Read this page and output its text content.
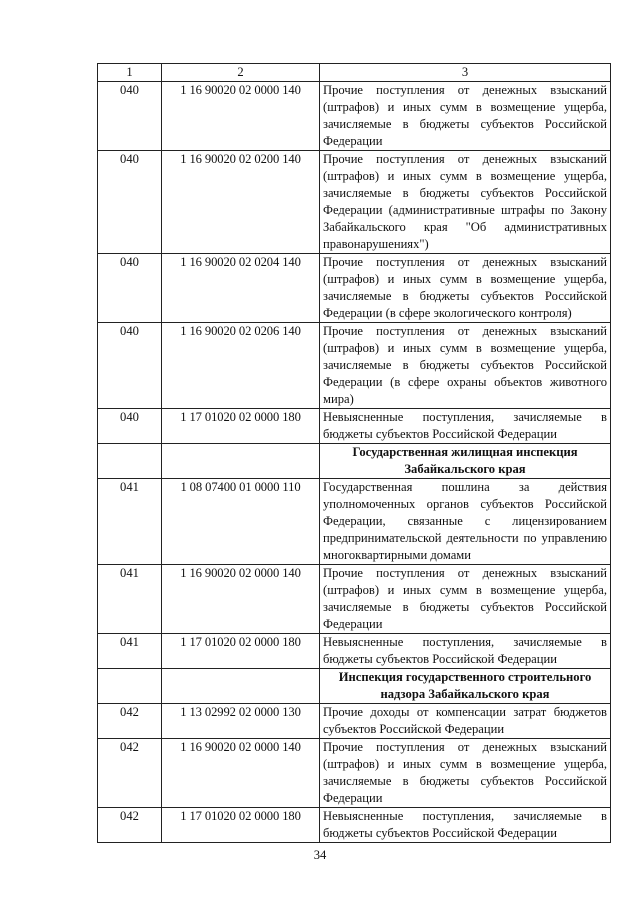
1	2	3
040	1 16 90020 02 0000 140	Прочие поступления от денежных взысканий (штрафов) и иных сумм в возмещение ущерба, зачисляемые в бюджеты субъектов Российской Федерации
040	1 16 90020 02 0200 140	Прочие поступления от денежных взысканий (штрафов) и иных сумм в возмещение ущерба, зачисляемые в бюджеты субъектов Российской Федерации (административные штрафы по Закону Забайкальского края "Об административных правонарушениях")
040	1 16 90020 02 0204 140	Прочие поступления от денежных взысканий (штрафов) и иных сумм в возмещение ущерба, зачисляемые в бюджеты субъектов Российской Федерации (в сфере экологического контроля)
040	1 16 90020 02 0206 140	Прочие поступления от денежных взысканий (штрафов) и иных сумм в возмещение ущерба, зачисляемые в бюджеты субъектов Российской Федерации (в сфере охраны объектов животного мира)
040	1 17 01020 02 0000 180	Невыясненные поступления, зачисляемые в бюджеты субъектов Российской Федерации
		Государственная жилищная инспекция Забайкальского края
041	1 08 07400 01 0000 110	Государственная пошлина за действия уполномоченных органов субъектов Российской Федерации, связанные с лицензированием предпринимательской деятельности по управлению многоквартирными домами
041	1 16 90020 02 0000 140	Прочие поступления от денежных взысканий (штрафов) и иных сумм в возмещение ущерба, зачисляемые в бюджеты субъектов Российской Федерации
041	1 17 01020 02 0000 180	Невыясненные поступления, зачисляемые в бюджеты субъектов Российской Федерации
		Инспекция государственного строительного надзора Забайкальского края
042	1 13 02992 02 0000 130	Прочие доходы от компенсации затрат бюджетов субъектов Российской Федерации
042	1 16 90020 02 0000 140	Прочие поступления от денежных взысканий (штрафов) и иных сумм в возмещение ущерба, зачисляемые в бюджеты субъектов Российской Федерации
042	1 17 01020 02 0000 180	Невыясненные поступления, зачисляемые в бюджеты субъектов Российской Федерации
34
